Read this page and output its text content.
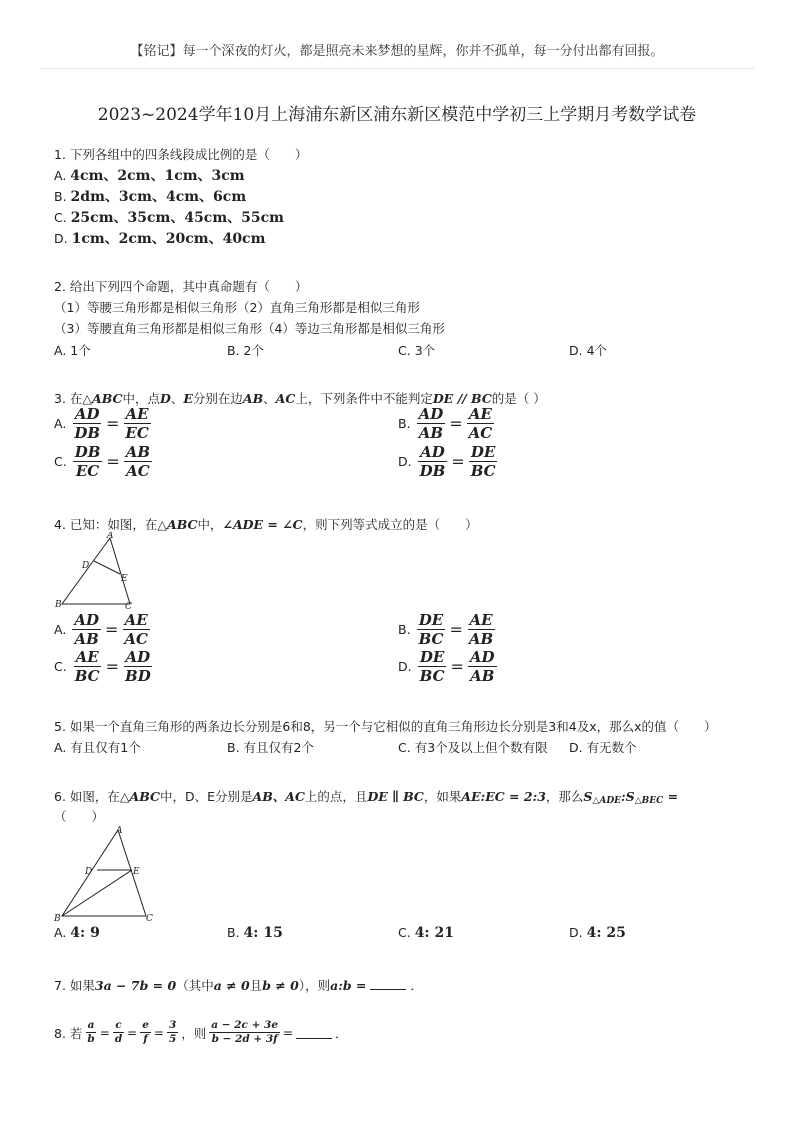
【铭记】每一个深夜的灯火，都是照亮未来梦想的星辉，你并不孤单，每一分付出都有回报。
2023~2024学年10月上海浦东新区浦东新区模范中学初三上学期月考数学试卷
1. 下列各组中的四条线段成比例的是（　　）
A. 4cm、2cm、1cm、3cm
B. 2dm、3cm、4cm、6cm
C. 25cm、35cm、45cm、55cm
D. 1cm、2cm、20cm、40cm
2. 给出下列四个命题，其中真命题有（　　）
（1）等腰三角形都是相似三角形（2）直角三角形都是相似三角形
（3）等腰直角三角形都是相似三角形（4）等边三角形都是相似三角形
A. 1个	B. 2个	C. 3个	D. 4个
3. 在△ABC中，点D、E分别在边AB、AC上，下列条件中不能判定DE // BC的是（ ）
A. $\frac{AD}{DB} = \frac{AE}{EC}$	B. $\frac{AD}{AB} = \frac{AE}{AC}$
C. $\frac{DB}{EC} = \frac{AB}{AC}$	D. $\frac{AD}{DB} = \frac{DE}{BC}$
4. 已知：如图，在△ABC中，∠ADE = ∠C，则下列等式成立的是（　　）
A
B	C
D
E
A. $\frac{AD}{AB} = \frac{AE}{AC}$	B. $\frac{DE}{BC} = \frac{AE}{AB}$
C. $\frac{AE}{BC} = \frac{AD}{BD}$	D. $\frac{DE}{BC} = \frac{AD}{AB}$
5. 如果一个直角三角形的两条边长分别是6和8，另一个与它相似的直角三角形边长分别是3和4及x，那么x的值（　　）
A. 有且仅有1个	B. 有且仅有2个	C. 有3个及以上但个数有限 D. 有无数个
6. 如图，在△ABC中，D、E分别是AB、AC上的点，且DE ∥ BC，如果AE:EC = 2:3，那么$S_{\triangle ADE}:S_{\triangle BEC}$ =
（　　）
A
B	C
D	E
A. 4: 9	B. 4: 15	C. 4: 21	D. 4: 25
7. 如果3a − 7b = 0（其中a ≠ 0且b ≠ 0），则a:b =	．
8. 若 $\frac{a}{b} = \frac{c}{d} = \frac{e}{f} = \frac{3}{5}$ ，则 $\frac{a - 2c + 3e}{b - 2d + 3f}$ =	．
